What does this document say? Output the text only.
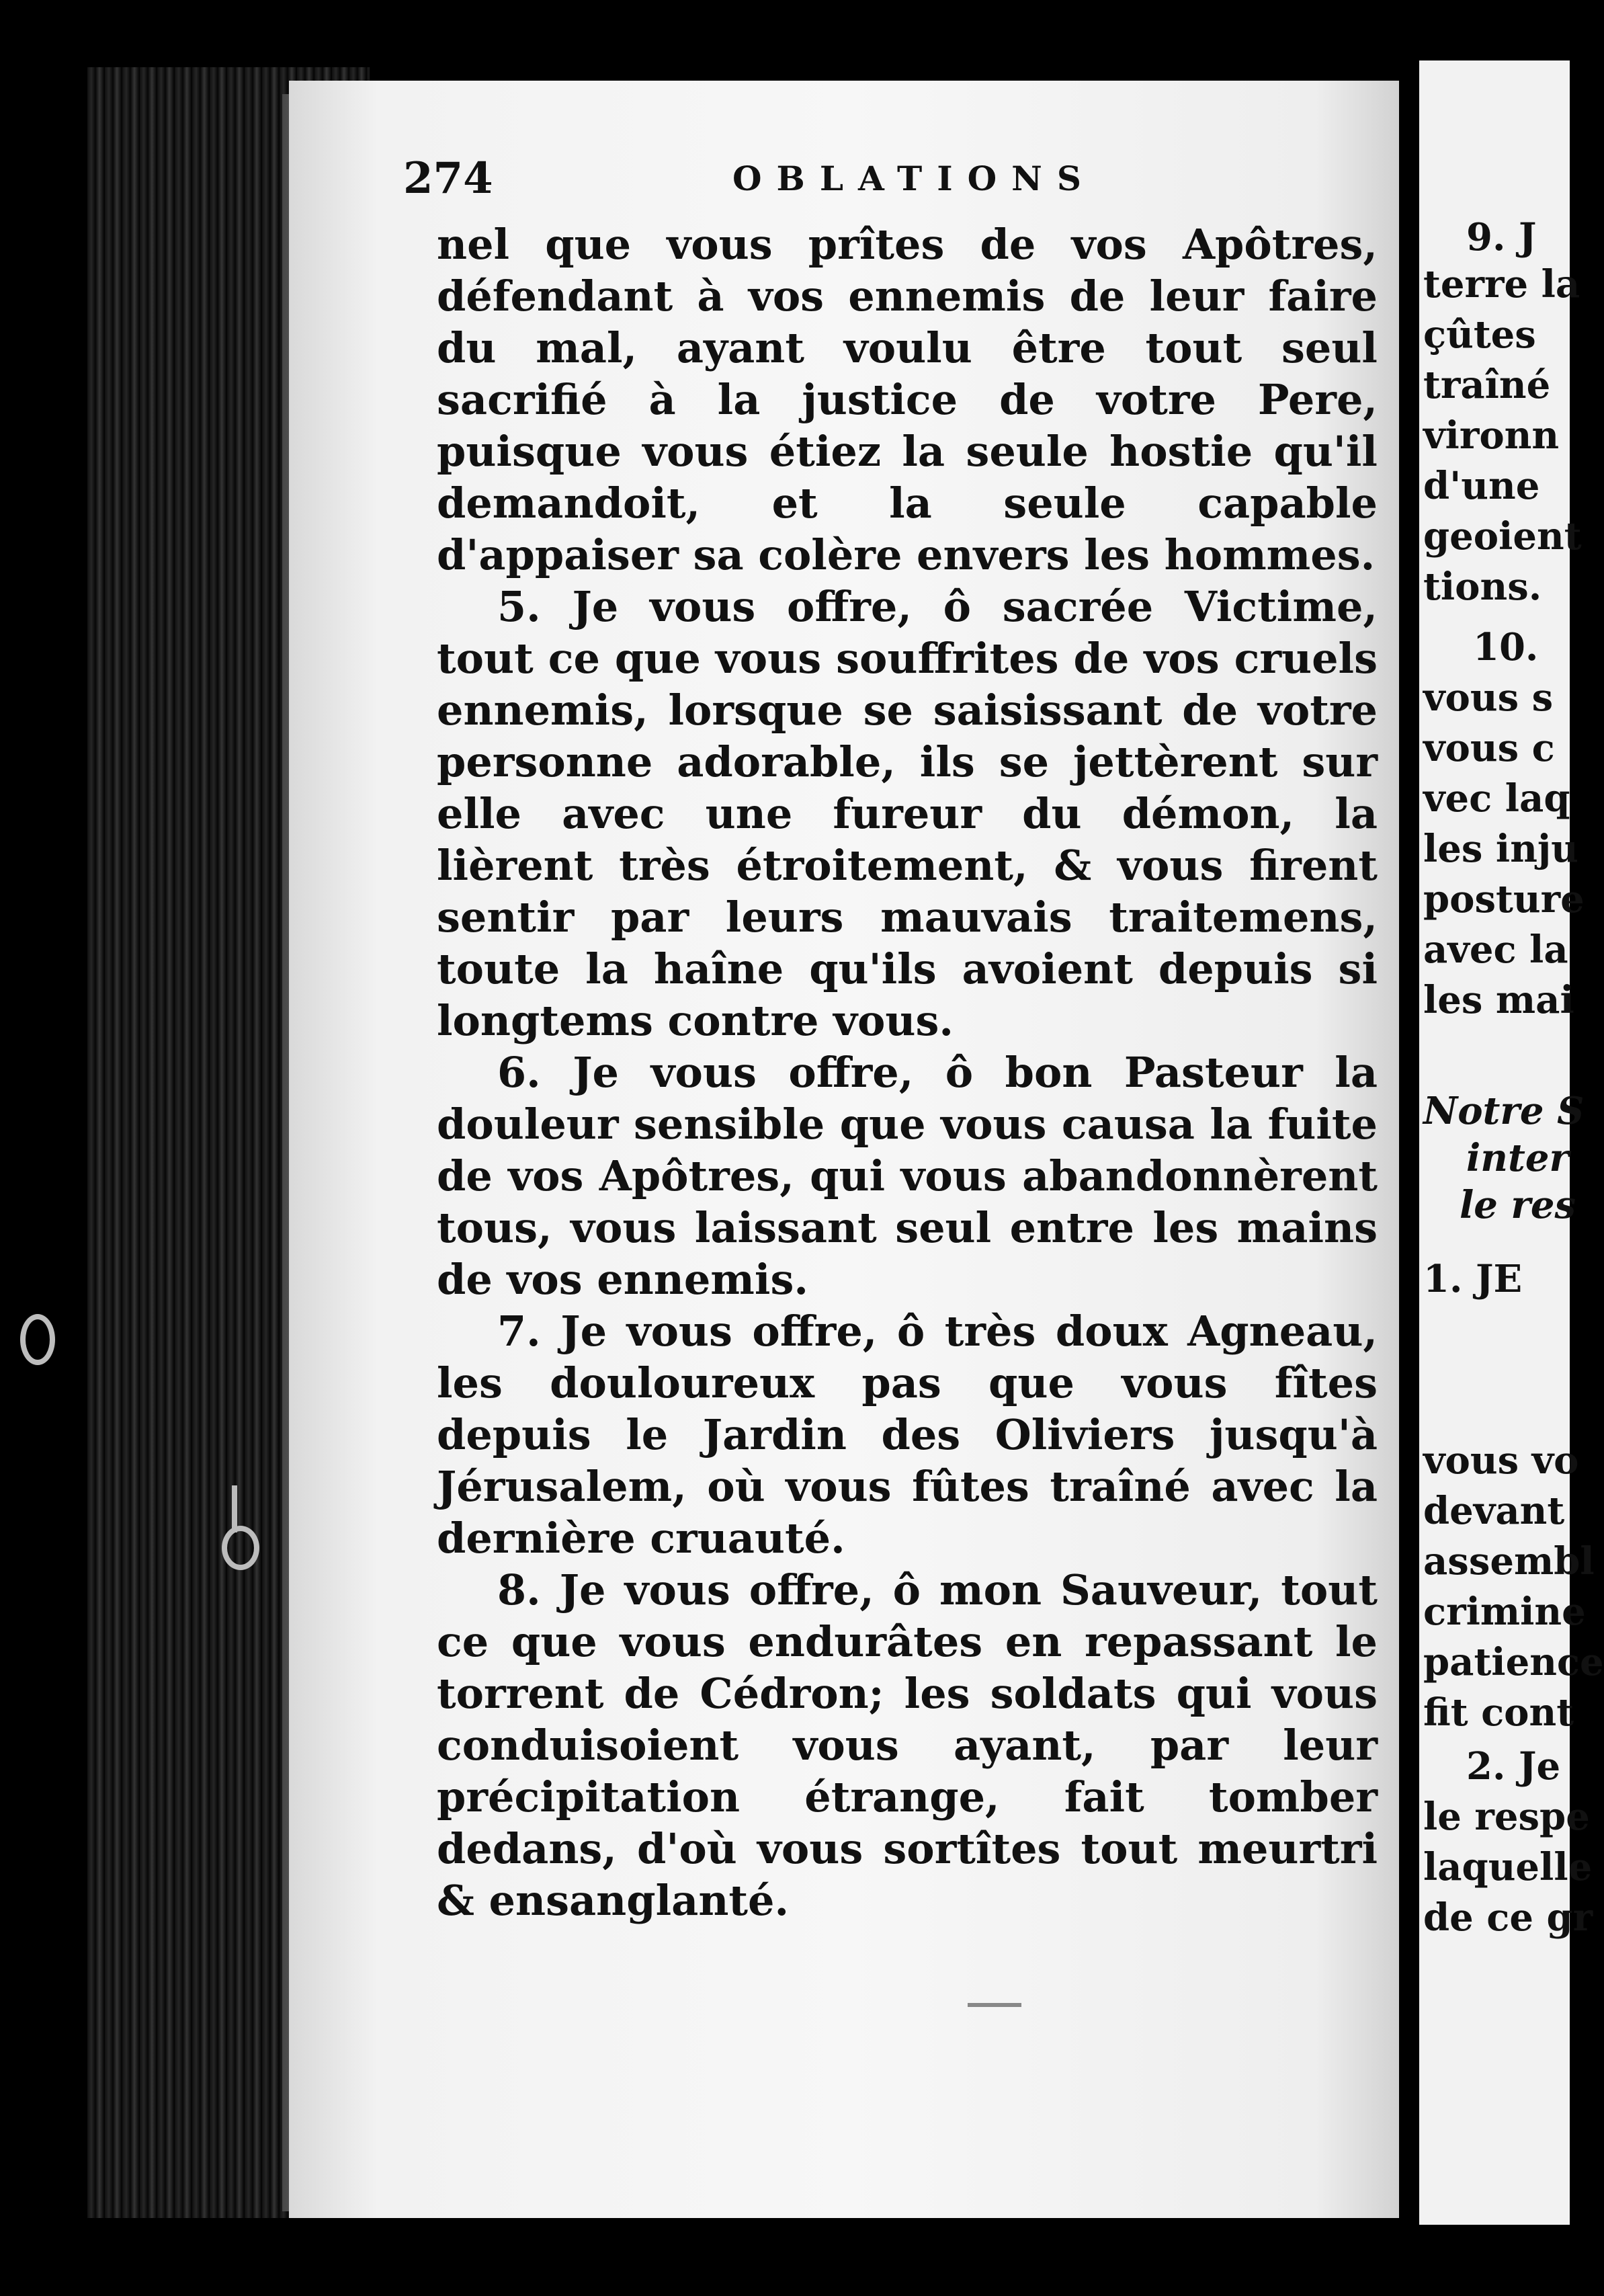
9. J
terre la
çûtes
traîné
vironn
d'une
geoient
tions.
10.
vous s
vous c
vec laq
les inju
posture
avec la
les mai
Notre S
inter
le res
1. JE
vous vo
devant
assembl
crimine
patience
fit cont
2. Je
le respe
laquelle
de ce gr
274	OBLATIONS

nel que vous prîtes de vos Apôtres, défendant à vos ennemis de leur faire du mal, ayant voulu être tout seul sacrifié à la justice de votre Pere, puisque vous étiez la seule hostie qu'il demandoit, et la seule capable d'appaiser sa colère envers les hommes.

5. Je vous offre, ô sacrée Victime, tout ce que vous souffrites de vos cruels ennemis, lorsque se saisissant de votre personne adorable, ils se jettèrent sur elle avec une fureur du démon, la lièrent très étroitement, & vous firent sentir par leurs mauvais traitemens, toute la haîne qu'ils avoient depuis si longtems contre vous.

6. Je vous offre, ô bon Pasteur la douleur sensible que vous causa la fuite de vos Apôtres, qui vous abandonnèrent tous, vous laissant seul entre les mains de vos ennemis.

7. Je vous offre, ô très doux Agneau, les douloureux pas que vous fîtes depuis le Jardin des Oliviers jusqu'à Jérusalem, où vous fûtes traîné avec la dernière cruauté.

8. Je vous offre, ô mon Sauveur, tout ce que vous endurâtes en repassant le torrent de Cédron; les soldats qui vous conduisoient vous ayant, par leur précipitation étrange, fait tomber dedans, d'où vous sortîtes tout meurtri & ensanglanté.
